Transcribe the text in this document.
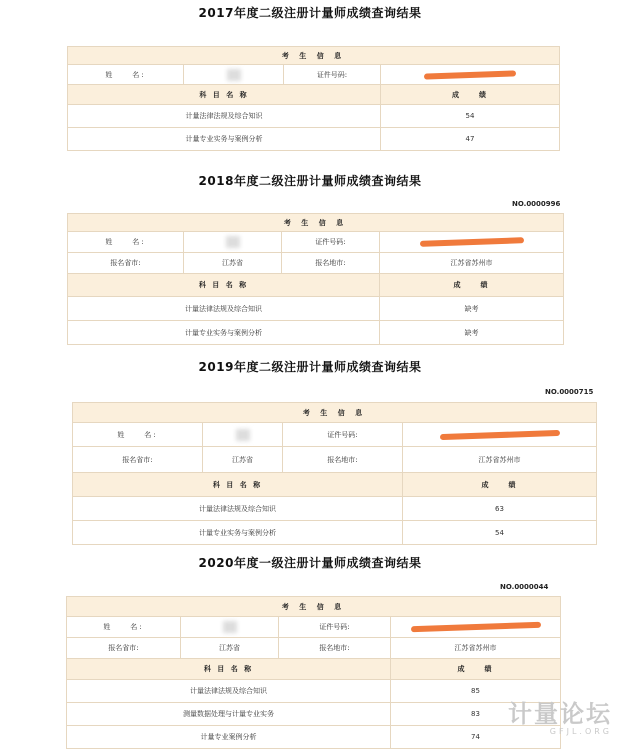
2017年度二级注册计量师成绩查询结果
考 生 信 息			
姓　　名:		证件号码:	
科 目 名 称			成　　绩
计量法律法规及综合知识			54
计量专业实务与案例分析			47
2018年度二级注册计量师成绩查询结果
NO.0000996
考 生 信 息			
姓　　名:		证件号码:	
报名省市:	江苏省	报名地市:	江苏省苏州市
科 目 名 称			成　　绩
计量法律法规及综合知识			缺考
计量专业实务与案例分析			缺考
2019年度二级注册计量师成绩查询结果
NO.0000715
考 生 信 息			
姓　　名:		证件号码:	
报名省市:	江苏省	报名地市:	江苏省苏州市
科 目 名 称			成　　绩
计量法律法规及综合知识			63
计量专业实务与案例分析			54
2020年度一级注册计量师成绩查询结果
NO.0000044
考 生 信 息			
姓　　名:		证件号码:	
报名省市:	江苏省	报名地市:	江苏省苏州市
科 目 名 称			成　　绩
计量法律法规及综合知识			85
测量数据处理与计量专业实务			83
计量专业案例分析			74
计量论坛
GFJL.ORG
